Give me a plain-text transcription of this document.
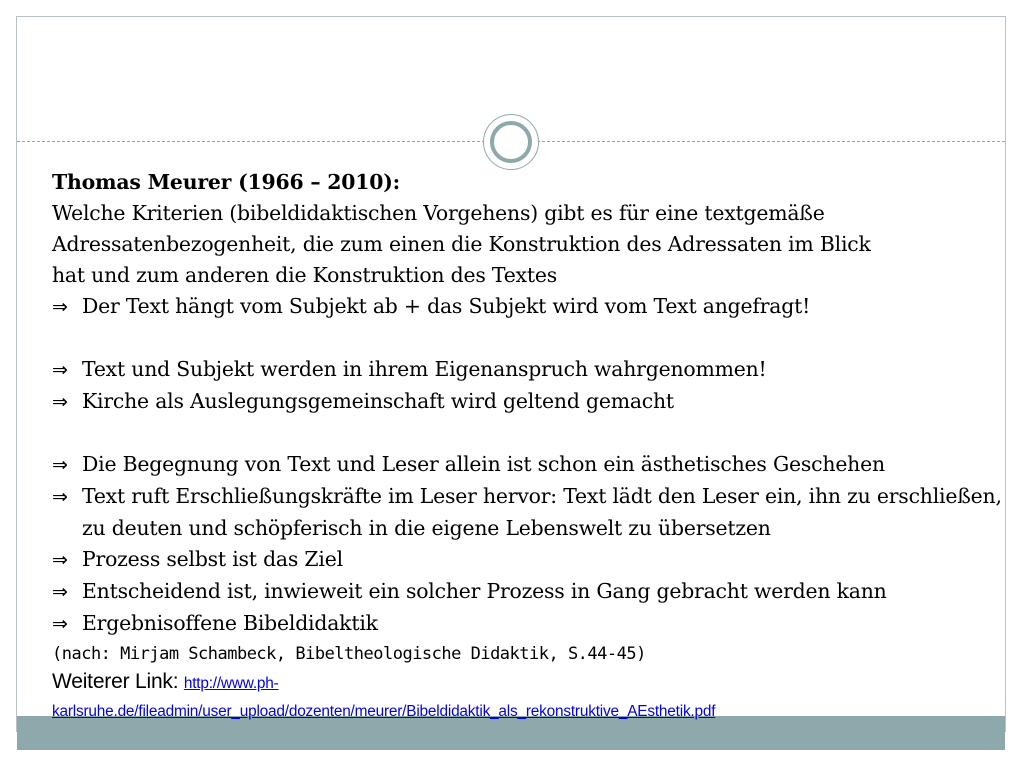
Thomas Meurer (1966 – 2010):
Welche Kriterien (bibeldidaktischen Vorgehens) gibt es für eine textgemäße
Adressatenbezogenheit, die zum einen die Konstruktion des Adressaten im Blick
hat und zum anderen die Konstruktion des Textes
⇒ Der Text hängt vom Subjekt ab + das Subjekt wird vom Text angefragt!
⇒ Text und Subjekt werden in ihrem Eigenanspruch wahrgenommen!
⇒ Kirche als Auslegungsgemeinschaft wird geltend gemacht
⇒ Die Begegnung von Text und Leser allein ist schon ein ästhetisches Geschehen
⇒ Text ruft Erschließungskräfte im Leser hervor: Text lädt den Leser ein, ihn zu erschließen, zu deuten und schöpferisch in die eigene Lebenswelt zu übersetzen
⇒ Prozess selbst ist das Ziel
⇒ Entscheidend ist, inwieweit ein solcher Prozess in Gang gebracht werden kann
⇒ Ergebnisoffene Bibeldidaktik
(nach: Mirjam Schambeck, Bibeltheologische Didaktik, S.44-45)
Weiterer Link: http://www.ph-
karlsruhe.de/fileadmin/user_upload/dozenten/meurer/Bibeldidaktik_als_rekonstruktive_AEsthetik.pdf
